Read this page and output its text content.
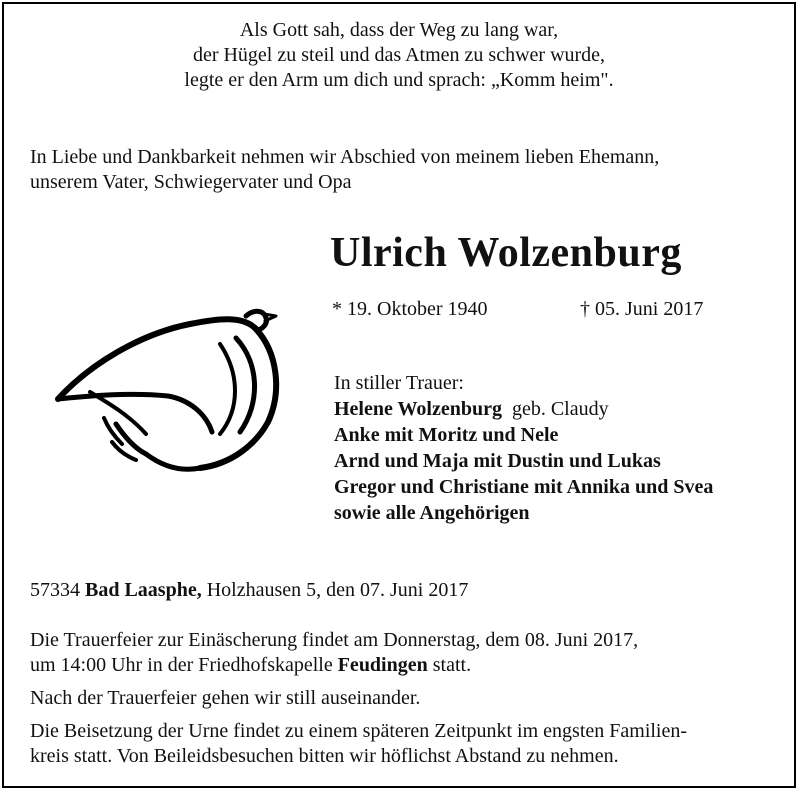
Als Gott sah, dass der Weg zu lang war,
der Hügel zu steil und das Atmen zu schwer wurde,
legte er den Arm um dich und sprach: „Komm heim".
In Liebe und Dankbarkeit nehmen wir Abschied von meinem lieben Ehemann,
unserem Vater, Schwiegervater und Opa
Ulrich Wolzenburg
* 19. Oktober 1940	† 05. Juni 2017
In stiller Trauer:
Helene Wolzenburg geb. Claudy
Anke mit Moritz und Nele
Arnd und Maja mit Dustin und Lukas
Gregor und Christiane mit Annika und Svea
sowie alle Angehörigen
57334 Bad Laasphe, Holzhausen 5, den 07. Juni 2017

Die Trauerfeier zur Einäscherung findet am Donnerstag, dem 08. Juni 2017,
um 14:00 Uhr in der Friedhofskapelle Feudingen statt.

Nach der Trauerfeier gehen wir still auseinander.

Die Beisetzung der Urne findet zu einem späteren Zeitpunkt im engsten Familien-
kreis statt. Von Beileidsbesuchen bitten wir höflichst Abstand zu nehmen.
